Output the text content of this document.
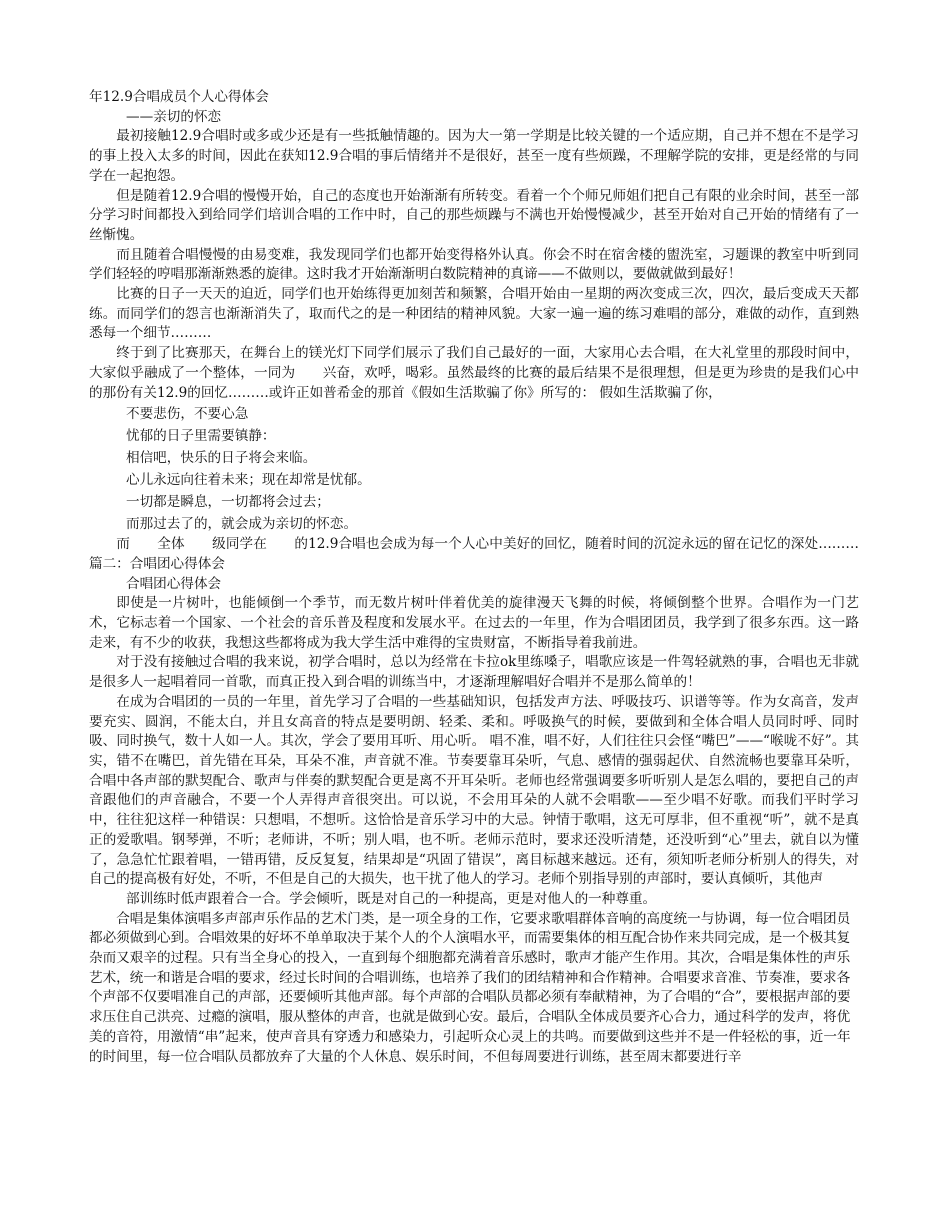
年12.9合唱成员个人心得体会

——亲切的怀恋

最初接触12.9合唱时或多或少还是有一些抵触情趣的。因为大一第一学期是比较关键的一个适应期，自己并不想在不是学习的事上投入太多的时间，因此在获知12.9合唱的事后情绪并不是很好，甚至一度有些烦躁，不理解学院的安排，更是经常的与同学在一起抱怨。

但是随着12.9合唱的慢慢开始，自己的态度也开始渐渐有所转变。看着一个个师兄师姐们把自己有限的业余时间，甚至一部分学习时间都投入到给同学们培训合唱的工作中时，自己的那些烦躁与不满也开始慢慢减少，甚至开始对自己开始的情绪有了一丝惭愧。

而且随着合唱慢慢的由易变难，我发现同学们也都开始变得格外认真。你会不时在宿舍楼的盥洗室，习题课的教室中听到同学们轻轻的哼唱那渐渐熟悉的旋律。这时我才开始渐渐明白数院精神的真谛——不做则以，要做就做到最好！

比赛的日子一天天的迫近，同学们也开始练得更加刻苦和频繁，合唱开始由一星期的两次变成三次，四次，最后变成天天都练。而同学们的怨言也渐渐消失了，取而代之的是一种团结的精神风貌。大家一遍一遍的练习难唱的部分，难做的动作，直到熟悉每一个细节………

终于到了比赛那天，在舞台上的镁光灯下同学们展示了我们自己最好的一面，大家用心去合唱，在大礼堂里的那段时间中，大家似乎融成了一个整体，一同为　　兴奋，欢呼，喝彩。虽然最终的比赛的最后结果不是很理想，但是更为珍贵的是我们心中的那份有关12.9的回忆………或许正如普希金的那首《假如生活欺骗了你》所写的： 假如生活欺骗了你，

不要悲伤，不要心急

忧郁的日子里需要镇静：

相信吧，快乐的日子将会来临。

心儿永远向往着未来；现在却常是忧郁。

一切都是瞬息，一切都将会过去；

而那过去了的，就会成为亲切的怀恋。

而　　全体　　级同学在　　的12.9合唱也会成为每一个人心中美好的回忆，随着时间的沉淀永远的留在记忆的深处………篇二：合唱团心得体会

合唱团心得体会

即使是一片树叶，也能倾倒一个季节，而无数片树叶伴着优美的旋律漫天飞舞的时候，将倾倒整个世界。合唱作为一门艺术，它标志着一个国家、一个社会的音乐普及程度和发展水平。在过去的一年里，作为合唱团团员，我学到了很多东西。这一路走来，有不少的收获，我想这些都将成为我大学生活中难得的宝贵财富，不断指导着我前进。

对于没有接触过合唱的我来说，初学合唱时，总以为经常在卡拉ok里练嗓子，唱歌应该是一件驾轻就熟的事，合唱也无非就是很多人一起唱着同一首歌，而真正投入到合唱的训练当中，才逐渐理解唱好合唱并不是那么简单的！

在成为合唱团的一员的一年里，首先学习了合唱的一些基础知识，包括发声方法、呼吸技巧、识谱等等。作为女高音，发声要充实、圆润，不能太白，并且女高音的特点是要明朗、轻柔、柔和。呼吸换气的时候，要做到和全体合唱人员同时呼、同时吸、同时换气，数十人如一人。其次，学会了要用耳听、用心听。 唱不准，唱不好，人们往往只会怪“嘴巴”——“喉咙不好”。其实，错不在嘴巴，首先错在耳朵，耳朵不准，声音就不准。节奏要靠耳朵听，气息、感情的强弱起伏、自然流畅也要靠耳朵听，合唱中各声部的默契配合、歌声与伴奏的默契配合更是离不开耳朵听。老师也经常强调要多听听别人是怎么唱的，要把自己的声音跟他们的声音融合，不要一个人弄得声音很突出。可以说，不会用耳朵的人就不会唱歌——至少唱不好歌。而我们平时学习中，往往犯这样一种错误：只想唱，不想听。这恰恰是音乐学习中的大忌。钟情于歌唱，这无可厚非，但不重视“听”，就不是真正的爱歌唱。钢琴弹，不听；老师讲，不听；别人唱，也不听。老师示范时，要求还没听清楚，还没听到“心”里去，就自以为懂了，急急忙忙跟着唱，一错再错，反反复复，结果却是“巩固了错误”，离目标越来越远。还有，须知听老师分析别人的得失，对自己的提高极有好处，不听，不但是自己的大损失，也干扰了他人的学习。老师个别指导别的声部时，要认真倾听，其他声

部训练时低声跟着合一合。学会倾听，既是对自己的一种提高，更是对他人的一种尊重。

合唱是集体演唱多声部声乐作品的艺术门类，是一项全身的工作，它要求歌唱群体音响的高度统一与协调，每一位合唱团员都必须做到心到。合唱效果的好坏不单单取决于某个人的个人演唱水平，而需要集体的相互配合协作来共同完成，是一个极其复杂而又艰辛的过程。只有当全身心的投入，一直到每个细胞都充满着音乐感时，歌声才能产生作用。其次，合唱是集体性的声乐艺术，统一和谐是合唱的要求，经过长时间的合唱训练，也培养了我们的团结精神和合作精神。合唱要求音准、节奏准，要求各个声部不仅要唱准自己的声部，还要倾听其他声部。每个声部的合唱队员都必须有奉献精神，为了合唱的“合”，要根据声部的要求压住自己洪亮、过瘾的演唱，服从整体的声音，也就是做到心安。最后，合唱队全体成员要齐心合力，通过科学的发声，将优美的音符，用激情“串”起来，使声音具有穿透力和感染力，引起听众心灵上的共鸣。而要做到这些并不是一件轻松的事，近一年的时间里，每一位合唱队员都放弃了大量的个人休息、娱乐时间，不但每周要进行训练，甚至周末都要进行辛
